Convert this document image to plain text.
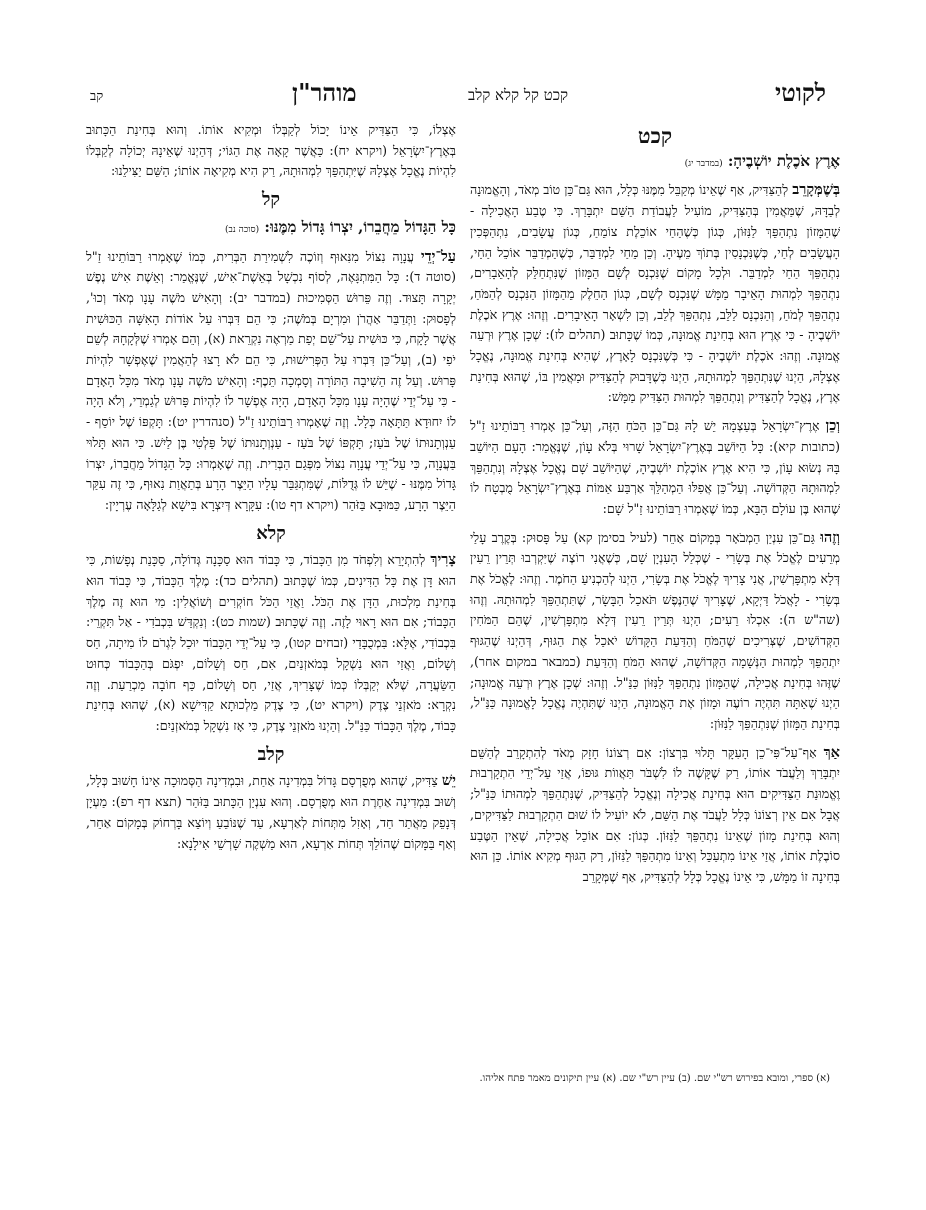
קב	מוהר"ן	קכט קל קלא קלב	לקוטי
קכט
אֶרֶץ אֹכֶלֶת יוֹשְׁבֶיהָ: (במדבר יג)

בְּשֶׁמְּקָרֵב לְהַצַּדִּיק, אַף שֶׁאֵינוֹ מְקַבֵּל מִמֶּנּוּ כְּלָל, הוּא גַּם־כֵּן טוֹב מְאֹד, וְהָאֱמוּנָה לְבַדָּהּ, שֶׁמַּאֲמִין בְּהַצַּדִּיק, מוֹעִיל לַעֲבוֹדַת הַשֵּׁם יִתְבָּרַךְ. כִּי טֶבַע הָאֲכִילָה - שֶׁהַמָּזוֹן נִתְהַפֵּךְ לַנִּזּוֹן, כְּגוֹן כְּשֶׁהַחַי אוֹכֵלֶת צוֹמֵחַ, כְּגוֹן עֲשָׂבִים, נִתְהַפְּכִין הָעֲשָׂבִים לְחַי, כְּשֶׁנִּכְנָסִין בְּתוֹךְ מֵעֶיהָ. וְכֵן מֵחַי לִמְדַבֵּר, כְּשֶׁהַמְדַבֵּר אוֹכֵל הַחַי, נִתְהַפֵּךְ הַחַי לִמְדַבֵּר. וּלְכָל מָקוֹם שֶׁנִּכְנָס לְשָׁם הַמָּזוֹן שֶׁנִּתְחַלֵּק לְהָאֵבָרִים, נִתְהַפֵּךְ לִמְהוּת הָאֵיבָר מַמָּשׁ שֶׁנִּכְנָס לְשָׁם, כְּגוֹן הַחֵלֶק מֵהַמָּזוֹן הַנִּכְנָס לְהַמֹּחַ, נִתְהַפֵּךְ לְמֹחַ, וְהַנִּכְנָס לַלֵּב, נִתְהַפֵּךְ לְלֵב, וְכֵן לִשְׁאָר הָאֵיבָרִים. וְזֶהוּ: אֶרֶץ אֹכֶלֶת יוֹשְׁבֶיהָ - כִּי אֶרֶץ הוּא בְּחִינַת אֱמוּנָה, כְּמוֹ שֶׁכָּתוּב (תהלים לז): שְׁכָן אֶרֶץ וּרְעֵה אֱמוּנָה. וְזֶהוּ: אֹכֶלֶת יוֹשְׁבֶיהָ - כִּי כְּשֶׁנִּכְנָס לָאָרֶץ, שֶׁהִיא בְּחִינַת אֱמוּנָה, נֶאֱכָל אֶצְלָהּ, הַיְנוּ שֶׁנִּתְהַפֵּךְ לִמְהוּתָהּ, הַיְנוּ כְּשֶׁדָּבוּק לְהַצַּדִּיק וּמַאֲמִין בּוֹ, שֶׁהוּא בְּחִינַת אֶרֶץ, נֶאֱכָל לְהַצַּדִּיק וְנִתְהַפֵּךְ לִמְהוּת הַצַּדִּיק מַמָּשׁ:

וְכֵן אֶרֶץ־יִשְׂרָאֵל בְּעַצְמָהּ יֵשׁ לָהּ גַּם־כֵּן הַכֹּחַ הַזֶּה, וְעַל־כֵּן אָמְרוּ רַבּוֹתֵינוּ זַ"ל (כתובות קיא): כָּל הַיּוֹשֵׁב בְּאֶרֶץ־יִשְׂרָאֵל שָׁרוּי בְּלֹא עָוֹן, שֶׁנֶּאֱמַר: הָעָם הַיּוֹשֵׁב בָּהּ נְשׂוּא עָוֹן, כִּי הִיא אֶרֶץ אוֹכֶלֶת יוֹשְׁבֶיהָ, שֶׁהַיּוֹשֵׁב שָׁם נֶאֱכָל אֶצְלָהּ וְנִתְהַפֵּךְ לִמְהוּתָהּ הַקְּדוֹשָׁה. וְעַל־כֵּן אֲפִלּוּ הַמְהַלֵּךְ אַרְבַּע אַמּוֹת בְּאֶרֶץ־יִשְׂרָאֵל מֻבְטָח לוֹ שֶׁהוּא בֶּן עוֹלָם הַבָּא, כְּמוֹ שֶׁאָמְרוּ רַבּוֹתֵינוּ זַ"ל שָׁם:

וְזֶהוּ גַּם־כֵּן עִנְיַן הַמְבֹאָר בְּמָקוֹם אַחֵר (לעיל בסימן קא) עַל פָּסוּק: בְּקֶרֶב עָלַי מְרֵעִים לֶאֱכֹל אֶת בְּשָׂרִי - שֶׁכְּלַל הָעִנְיָן שָׁם, כְּשֶׁאֲנִי רוֹצֶה שֶׁיִּקְרְבוּ תְּרֵין רֵעִין דְּלָא מִתְפָּרְשִׁין, אֲנִי צָרִיךְ לֶאֱכֹל אֶת בְּשָׂרִי, הַיְנוּ לְהַכְנִיעַ הַחֹמֶר. וְזֶהוּ: לֶאֱכֹל אֶת בְּשָׂרִי - לָאֲכֹל דַּיְקָא, שֶׁצָּרִיךְ שֶׁהַנֶּפֶשׁ תֹּאכַל הַבָּשָׂר, שֶׁתִּתְהַפֵּךְ לִמְהוּתָהּ. וְזֶהוּ (שה"ש ה): אִכְלוּ רֵעִים; הַיְנוּ תְּרֵין רֵעִין דְּלָא מִתְפָּרְשִׁין, שֶׁהֵם הַמֹּחִין הַקְּדוֹשִׁים, שֶׁצְּרִיכִים שֶׁהַמֹּחַ וְהַדַּעַת הַקָּדוֹשׁ יֹאכַל אֶת הַגּוּף, דְּהַיְנוּ שֶׁהַגּוּף יִתְהַפֵּךְ לִמְהוּת הַנְּשָׁמָה הַקְּדוֹשָׁה, שֶׁהוּא הַמֹּחַ וְהַדַּעַת (כמבאר במקום אחר), שֶׁזֶּהוּ בְּחִינַת אֲכִילָה, שֶׁהַמָּזוֹן נִתְהַפֵּךְ לַנִּזּוֹן כַּנַּ"ל. וְזֶהוּ: שְׁכָן אֶרֶץ וּרְעֵה אֱמוּנָה; הַיְנוּ שֶׁאַתָּה תִּהְיֶה רוֹעֶה וּמָזוֹן אֶת הָאֱמוּנָה, הַיְנוּ שֶׁתִּהְיֶה נֶאֱכָל לָאֱמוּנָה כַּנַּ"ל, בְּחִינַת הַמָּזוֹן שֶׁנִּתְהַפֵּךְ לַנִּזּוֹן:

אַךְ אַף־עַל־פִּי־כֵן הָעִקָּר תָּלוּי בִּרְצוֹן: אִם רְצוֹנוֹ חָזָק מְאֹד לְהִתְקָרֵב לְהַשֵּׁם יִתְבָּרַךְ וְלַעֲבֹד אוֹתוֹ, רַק שֶׁקָּשֶׁה לוֹ לִשְׁבֹּר תַּאֲווֹת גּוּפוֹ, אֲזַי עַל־יְדֵי הִתְקָרְבוּת וֶאֱמוּנַת הַצַּדִּיקִים הוּא בְּחִינַת אֲכִילָה וְנֶאֱכָל לְהַצַּדִּיק, שֶׁנִּתְהַפֵּךְ לִמְהוּתוֹ כַּנַּ"ל; אֲבָל אִם אֵין רְצוֹנוֹ כְּלָל לַעֲבֹד אֶת הַשֵּׁם, לֹא יוֹעִיל לוֹ שׁוּם הִתְקָרְבוּת לַצַּדִּיקִים, וְהוּא בְּחִינַת מָזוֹן שֶׁאֵינוֹ נִתְהַפֵּךְ לַנִּזּוֹן. כְּגוֹן: אִם אוֹכֵל אֲכִילָה, שֶׁאֵין הַטֶּבַע סוֹבֶלֶת אוֹתוֹ, אֲזַי אֵינוֹ מִתְעַכֵּל וְאֵינוֹ מִתְהַפֵּךְ לַנִּזּוֹן, רַק הַגּוּף מְקִיא אוֹתוֹ. כֵּן הוּא בְּחִינָה זוֹ מַמָּשׁ, כִּי אֵינוֹ נֶאֱכָל כְּלָל לְהַצַּדִּיק, אַף שֶׁמְּקָרֵב

אֶצְלוֹ, כִּי הַצַּדִּיק אֵינוֹ יָכוֹל לְקַבְּלוֹ וּמְקִיא אוֹתוֹ. וְהוּא בְּחִינַת הַכָּתוּב בְּאֶרֶץ־יִשְׂרָאֵל (ויקרא יח): כַּאֲשֶׁר קָאָה אֶת הַגּוֹי; דְּהַיְנוּ שֶׁאֵינָהּ יְכוֹלָה לְקַבְּלוֹ לִהְיוֹת נֶאֱכָל אֶצְלָהּ שֶׁיִּתְהַפֵּךְ לִמְהוּתָהּ, רַק הִיא מְקִיאָה אוֹתוֹ; הַשֵּׁם יַצִּילֵנוּ:

קל
כָּל הַגָּדוֹל מֵחֲבֵרוֹ, יִצְרוֹ גָּדוֹל מִמֶּנּוּ: (סוכה נב)

עַל־יְדֵי עֲנָוָה נִצּוֹל מִנִּאוּף וְזוֹכֶה לִשְׁמִירַת הַבְּרִית, כְּמוֹ שֶׁאָמְרוּ רַבּוֹתֵינוּ זַ"ל (סוטה ד): כָּל הַמִּתְגָּאֶה, לְסוֹף נִכְשָׁל בְּאֵשֶׁת־אִישׁ, שֶׁנֶּאֱמַר: וְאֵשֶׁת אִישׁ נֶפֶשׁ יְקָרָה תָּצוּד. וְזֶה פֵּרוּשׁ הַסְּמִיכוּת (במדבר יב): וְהָאִישׁ מֹשֶׁה עָנָו מְאֹד וְכוּ', לְפָסוּק: וַתְּדַבֵּר אַהֲרֹן וּמִרְיָם בְּמֹשֶׁה; כִּי הֵם דִּבְּרוּ עַל אוֹדוֹת הָאִשָּׁה הַכּוּשִׁית אֲשֶׁר לָקָח, כִּי כּוּשִׁית עַל־שֵׁם יְפַת מַרְאֶה נִקְרֵאת (א), וְהֵם אָמְרוּ שֶׁלְּקָחָהּ לְשֵׁם יֹפִי (ב), וְעַל־כֵּן דִּבְּרוּ עַל הַפְּרִישׁוּת, כִּי הֵם לֹא רָצוּ לְהַאֲמִין שֶׁאֶפְשָׁר לִהְיוֹת פָּרוּשׁ. וְעַל זֶה הֵשִׁיבָה הַתּוֹרָה וְסָמְכָה תֵּכֶף: וְהָאִישׁ מֹשֶׁה עָנָו מְאֹד מִכָּל הָאָדָם - כִּי עַל־יְדֵי שֶׁהָיָה עָנָו מִכָּל הָאָדָם, הָיָה אֶפְשָׁר לוֹ לִהְיוֹת פָּרוּשׁ לְגַמְרֵי, וְלֹא הָיָה לוֹ יִחוּדָא תַּתָּאָה כְּלָל. וְזֶה שֶׁאָמְרוּ רַבּוֹתֵינוּ זַ"ל (סנהדרין יט): תָּקְפּוֹ שֶׁל יוֹסֵף - עַנְוְתָנוּתוֹ שֶׁל בֹּעַז; תָּקְפּוֹ שֶׁל בֹּעַז - עַנְוְתָנוּתוֹ שֶׁל פַּלְטִי בֶּן לַיִשׁ. כִּי הוּא תָּלוּי בַּעֲנָוָה, כִּי עַל־יְדֵי עֲנָוָה נִצּוֹל מִפְּגַם הַבְּרִית. וְזֶה שֶׁאָמְרוּ: כָּל הַגָּדוֹל מֵחֲבֵרוֹ, יִצְרוֹ גָּדוֹל מִמֶּנּוּ - שֶׁיֵּשׁ לוֹ גְּדֻלּוֹת, שֶׁמִּתְגַּבֵּר עָלָיו הַיֵּצֶר הָרָע בְּתַאֲוַת נִאוּף, כִּי זֶה עִקַּר הַיֵּצֶר הָרָע, כַּמּוּבָא בַּזֹּהַר (ויקרא דף טו): עִקָּרָא דְּיִצְרָא בִּישָׁא לְגַלָּאָה עֶרְיָין:

קלא

צָרִיךְ לְהִתְיָרֵא וְלִפְחֹד מִן הַכָּבוֹד, כִּי כָּבוֹד הוּא סַכָּנָה גְּדוֹלָה, סַכָּנַת נְפָשׁוֹת, כִּי הוּא דָּן אֶת כָּל הַדִּינִים, כְּמוֹ שֶׁכָּתוּב (תהלים כד): מֶלֶךְ הַכָּבוֹד, כִּי כָּבוֹד הוּא בְּחִינַת מַלְכוּת, הַדָּן אֶת הַכֹּל. וַאֲזַי הַכֹּל חוֹקְרִים וְשׁוֹאֲלִין: מִי הוּא זֶה מֶלֶךְ הַכָּבוֹד; אִם הוּא רָאוּי לָזֶה. וְזֶה שֶׁכָּתוּב (שמות כט): וְנִקְדַּשׁ בִּכְבֹדִי - אַל תִּקְרֵי: בִּכְבוֹדִי, אֶלָּא: בִּמְכֻבָּדַי (זבחים קטו), כִּי עַל־יְדֵי הַכָּבוֹד יוּכַל לִגְרֹם לוֹ מִיתָה, חַס וְשָׁלוֹם, וַאֲזַי הוּא נִשְׁקָל בְּמֹאזְנַיִם, אִם, חַס וְשָׁלוֹם, יִפְגֹּם בְּהַכָּבוֹד כְּחוּט הַשַּׂעֲרָה, שֶׁלֹּא יְקַבְּלוֹ כְּמוֹ שֶׁצָּרִיךְ, אֲזַי, חַס וְשָׁלוֹם, כַּף חוֹבָה מַכְרַעַת. וְזֶה נִקְרָא: מֹאזְנֵי צֶדֶק (ויקרא יט), כִּי צֶדֶק מַלְכוּתָא קַדִּישָׁא (א), שֶׁהוּא בְּחִינַת כָּבוֹד, מֶלֶךְ הַכָּבוֹד כַּנַּ"ל. וְהַיְנוּ מֹאזְנֵי צֶדֶק, כִּי אָז נִשְׁקָל בְּמֹאזְנַיִם:

קלב

יֵשׁ צַדִּיק, שֶׁהוּא מְפֻרְסָם גָּדוֹל בִּמְדִינָה אַחַת, וּבִמְדִינָה הַסְּמוּכָה אֵינוֹ חָשׁוּב כְּלָל, וְשׁוּב בִּמְדִינָה אַחֶרֶת הוּא מְפֻרְסָם. וְהוּא עִנְיַן הַכָּתוּב בַּזֹּהַר (תצא דף רפ): מַעְיָן דְּנָפֵק מֵאֲתַר חַד, וְאָזִל מִתְּחוֹת לְאַרְעָא, עַד שֶׁנּוֹבֵעַ וְיוֹצֵא בָּרְחוֹק בְּמָקוֹם אַחֵר, וְאַף בַּמָּקוֹם שֶׁהוֹלֵךְ תְּחוֹת אַרְעָא, הוּא מַשְׁקֶה שָׁרְשֵׁי אִילָנָא:

(א) ספרי, ומובא בפירוש רש"י שם. (ב) עיין רש"י שם. (א) עיין תיקונים מאמר פתח אליהו.
